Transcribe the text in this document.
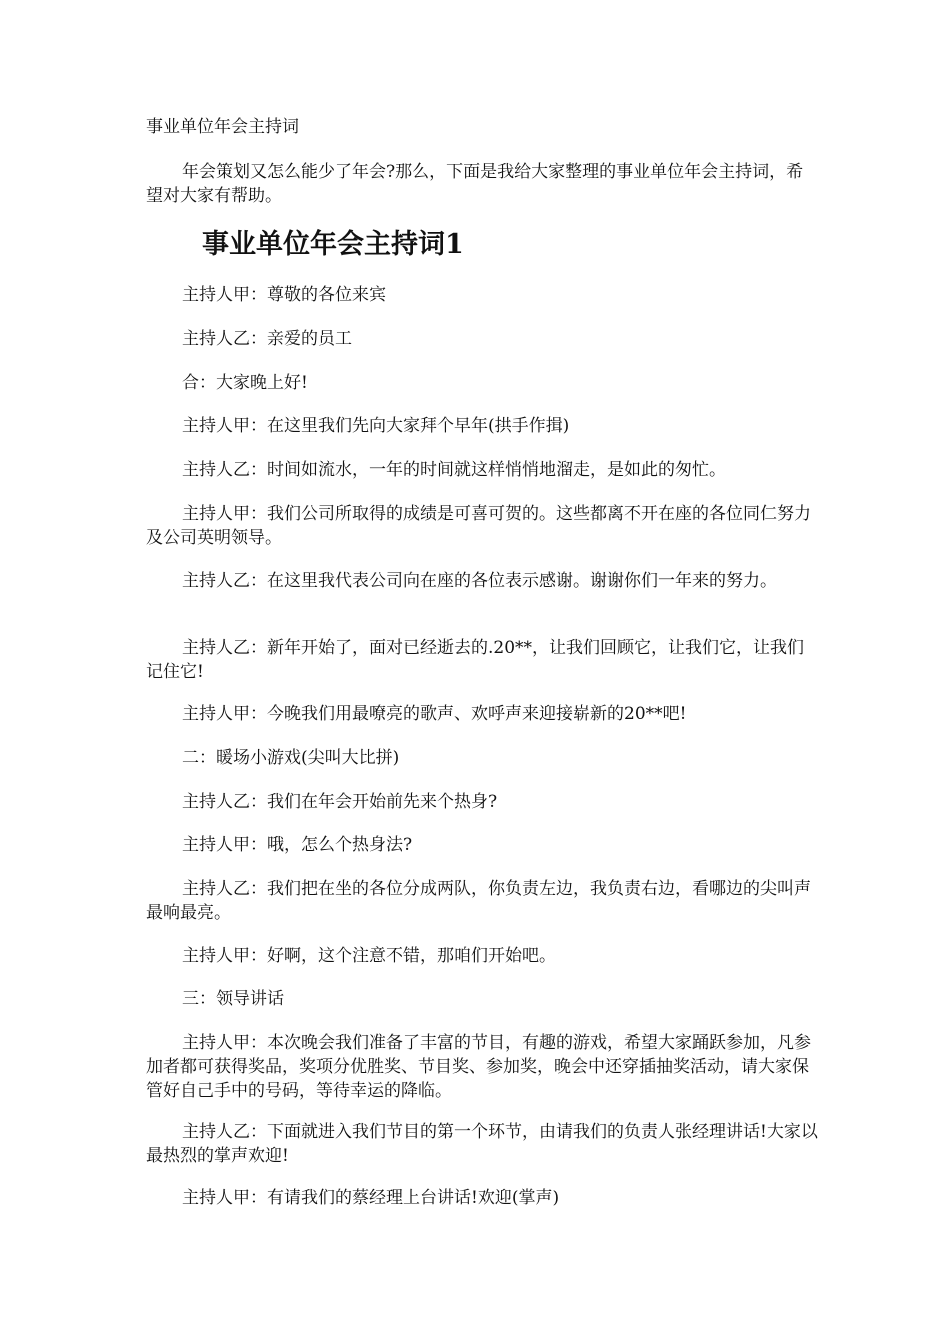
事业单位年会主持词

年会策划又怎么能少了年会?那么，下面是我给大家整理的事业单位年会主持词，希望对大家有帮助。

事业单位年会主持词1

主持人甲：尊敬的各位来宾

主持人乙：亲爱的员工

合：大家晚上好!

主持人甲：在这里我们先向大家拜个早年(拱手作揖)

主持人乙：时间如流水，一年的时间就这样悄悄地溜走，是如此的匆忙。

主持人甲：我们公司所取得的成绩是可喜可贺的。这些都离不开在座的各位同仁努力及公司英明领导。

主持人乙：在这里我代表公司向在座的各位表示感谢。谢谢你们一年来的努力。

主持人乙：新年开始了，面对已经逝去的.20**，让我们回顾它，让我们它，让我们记住它!

主持人甲：今晚我们用最嘹亮的歌声、欢呼声来迎接崭新的20**吧!

二：暖场小游戏(尖叫大比拼)

主持人乙：我们在年会开始前先来个热身?

主持人甲：哦，怎么个热身法?

主持人乙：我们把在坐的各位分成两队，你负责左边，我负责右边，看哪边的尖叫声最响最亮。

主持人甲：好啊，这个注意不错，那咱们开始吧。

三：领导讲话

主持人甲：本次晚会我们准备了丰富的节目，有趣的游戏，希望大家踊跃参加，凡参加者都可获得奖品，奖项分优胜奖、节目奖、参加奖，晚会中还穿插抽奖活动，请大家保管好自己手中的号码，等待幸运的降临。

主持人乙：下面就进入我们节目的第一个环节，由请我们的负责人张经理讲话!大家以最热烈的掌声欢迎!

主持人甲：有请我们的蔡经理上台讲话!欢迎(掌声)
